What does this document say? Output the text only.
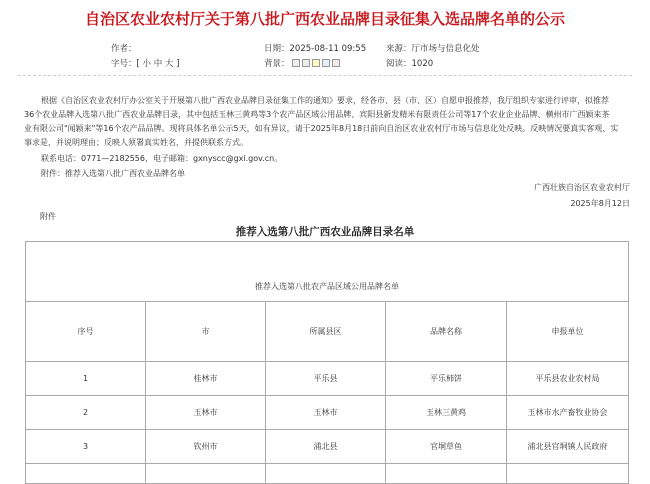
自治区农业农村厅关于第八批广西农业品牌目录征集入选品牌名单的公示
作者：	日期：2025-08-11 09:55 来源：厅市场与信息化处
字号：[ 小 中 大 ]	背景：	阅读：1020
根据《自治区农业农村厅办公室关于开展第八批广西农业品牌目录征集工作的通知》要求，经各市、县（市、区）自愿申报推荐，我厅组织专家进行评审，拟推荐
36个农业品牌入选第八批广西农业品牌目录，其中包括玉林三黄鸡等3个农产品区域公用品牌、宾阳县新发精米有限责任公司等17个农业企业品牌、横州市广西颖来茶
业有限公司"闻颖来"等16个农产品品牌。现将具体名单公示5天，如有异议，请于2025年8月18日前向自治区农业农村厅市场与信息化处反映。反映情况要真实客观、实
事求是，并说明理由；反映人须署真实姓名，并提供联系方式。
联系电话：0771—2182556，电子邮箱：gxnyscc@gxi.gov.cn。
附件：推荐入选第八批广西农业品牌名单
广西壮族自治区农业农村厅
2025年8月12日
附件
推荐入选第八批广西农业品牌目录名单

推荐入选第八批农产品区域公用品牌名单				
序号	市	所属县区	品牌名称	申报单位
1	桂林市	平乐县	平乐柿饼	平乐县农业农村局
2	玉林市	玉林市	玉林三黄鸡	玉林市水产畜牧业协会
3	钦州市	浦北县	官垌草鱼	浦北县官垌镇人民政府
